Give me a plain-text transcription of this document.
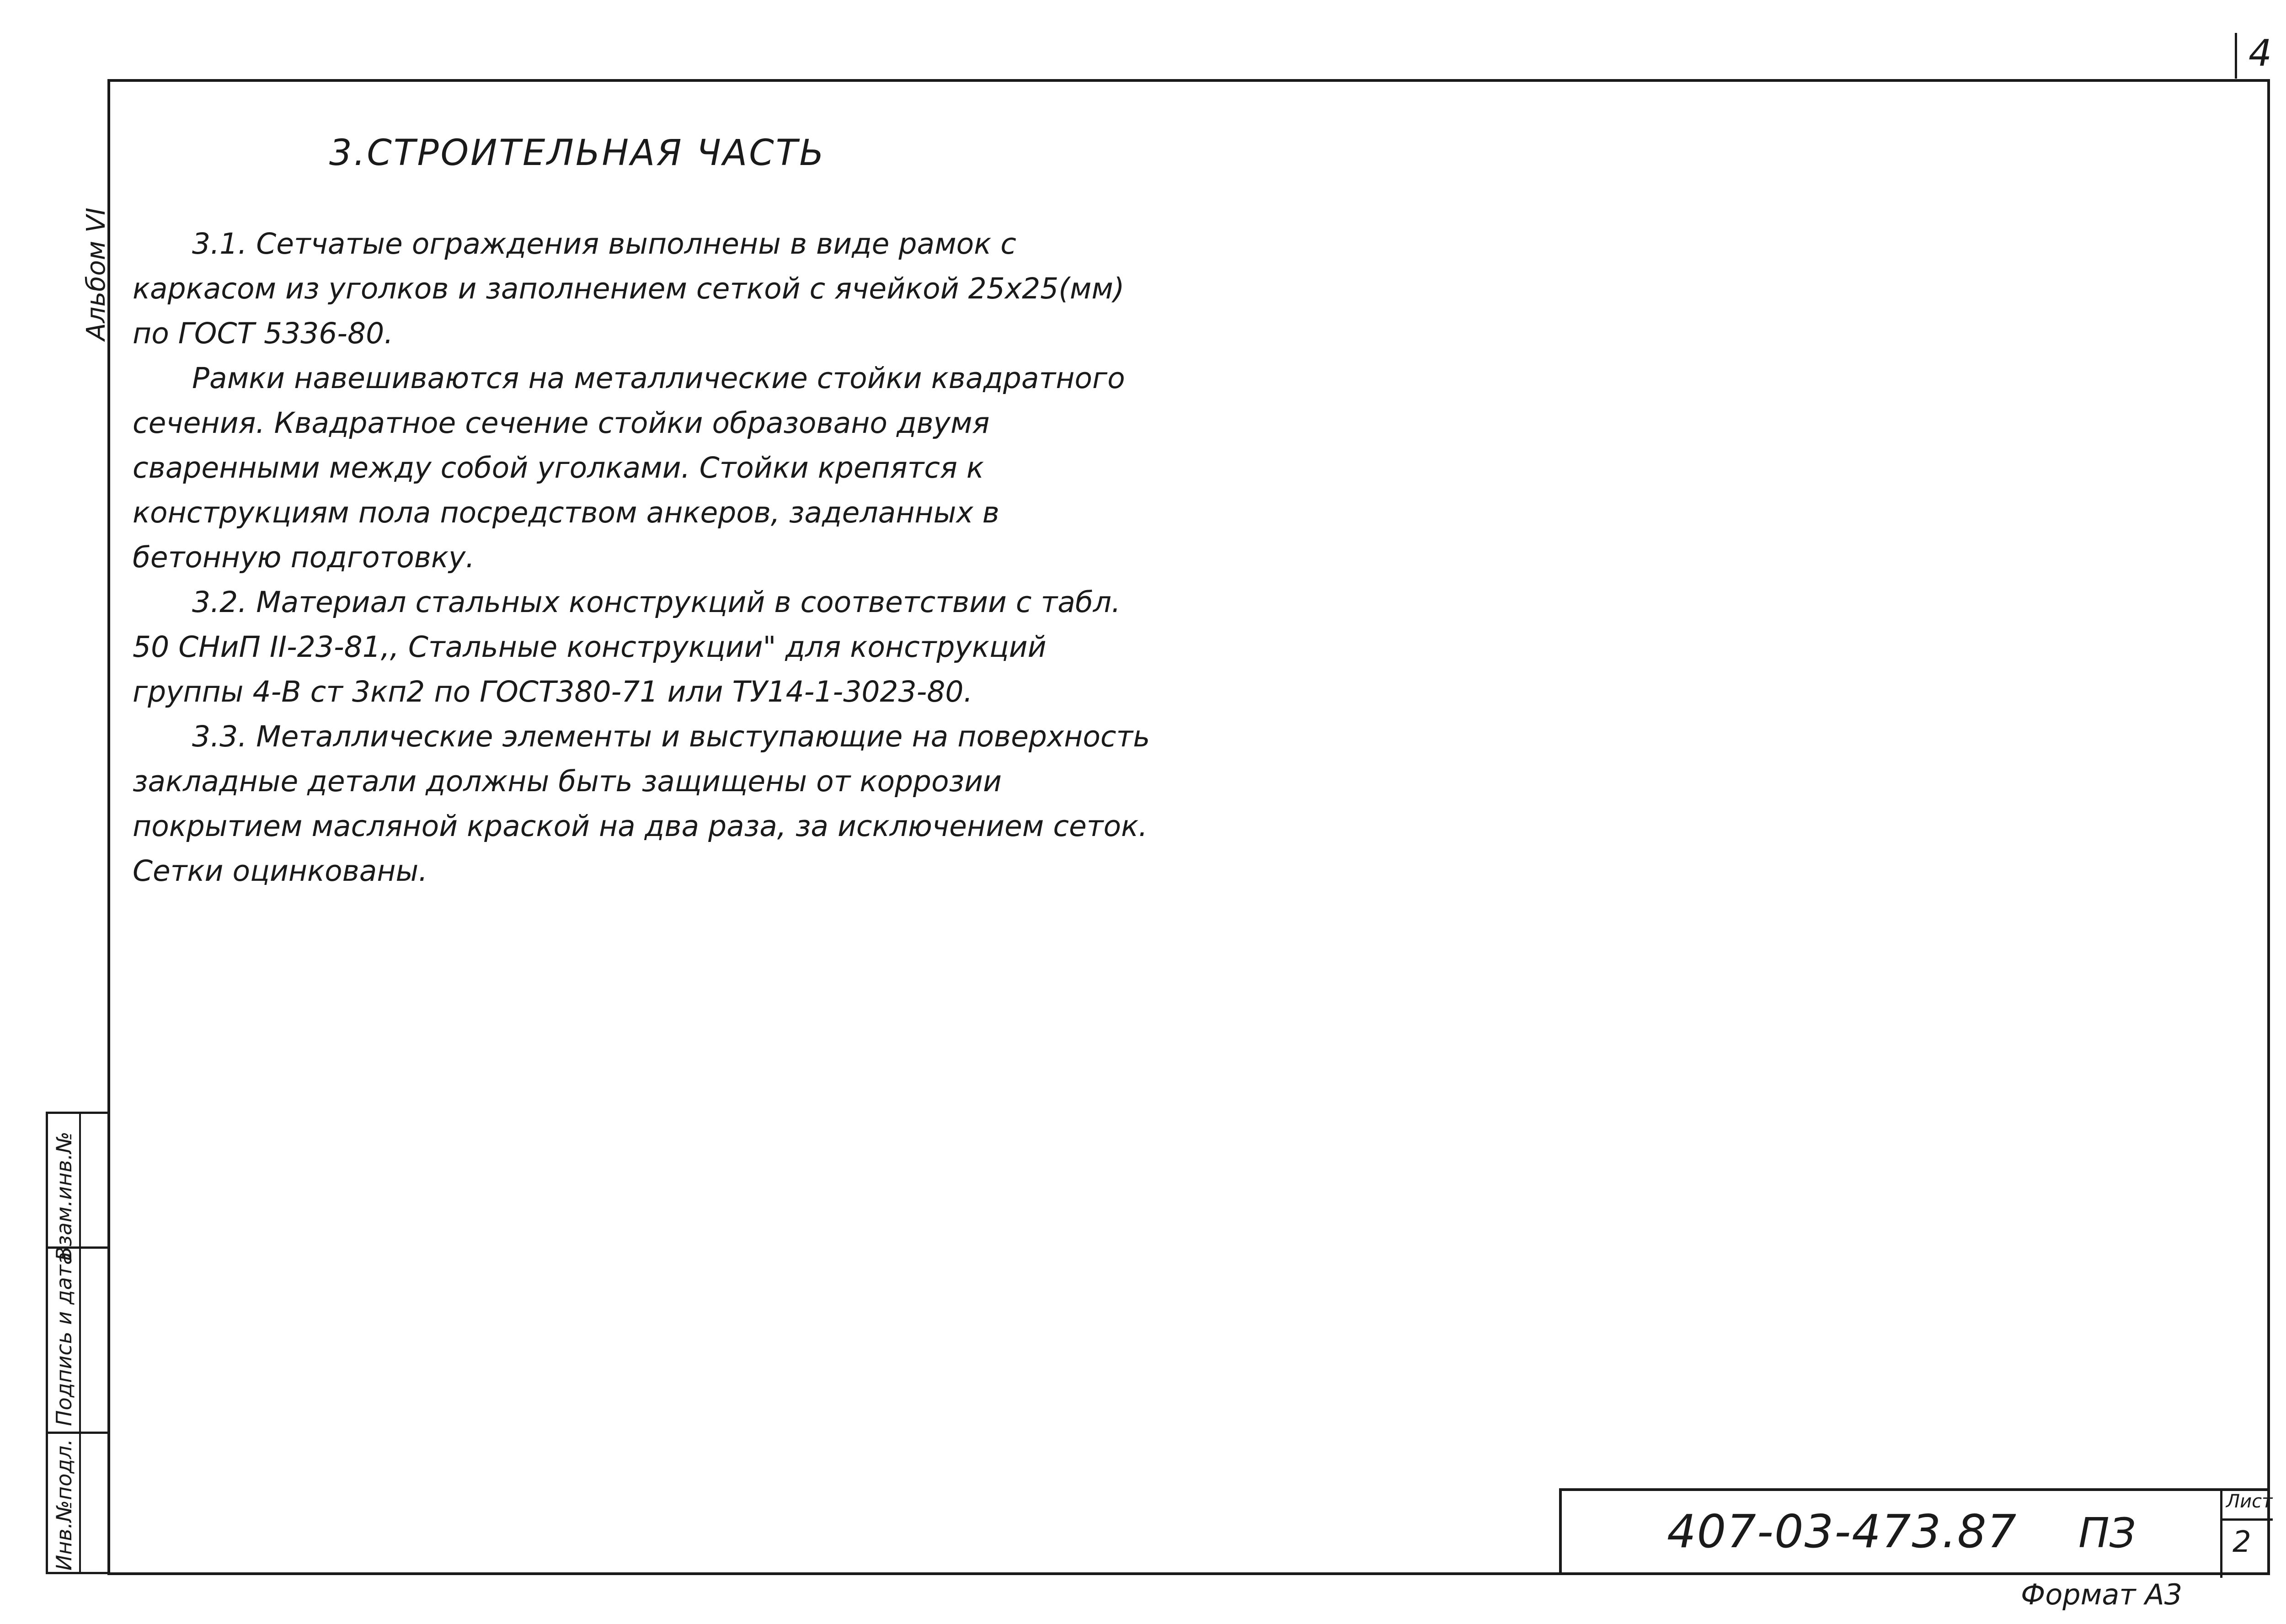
4
Альбом VI
Взам.инв.№
Подпись и дата
Инв.№подл.
3.СТРОИТЕЛЬНАЯ ЧАСТЬ

3.1. Сетчатые ограждения выполнены в виде рамок с каркасом из уголков и заполнением сеткой с ячейкой 25x25(мм) по ГОСТ 5336-80.

Рамки навешиваются на металлические стойки квадратного сечения. Квадратное сечение стойки образовано двумя сваренными между собой уголками. Стойки крепятся к конструкциям пола посредством анкеров, заделанных в бетонную подготовку.

3.2. Материал стальных конструкций в соответствии с табл. 50 СНиП II-23-81,, Стальные конструкции" для конструкций группы 4-В ст 3кп2 по ГОСТ380-71 или ТУ14-1-3023-80.

3.3. Металлические элементы и выступающие на поверхность закладные детали должны быть защищены от коррозии покрытием масляной краской на два раза, за исключением сеток. Сетки оцинкованы.

407-03-473.87 ПЗ
Лист
2
Формат А3
